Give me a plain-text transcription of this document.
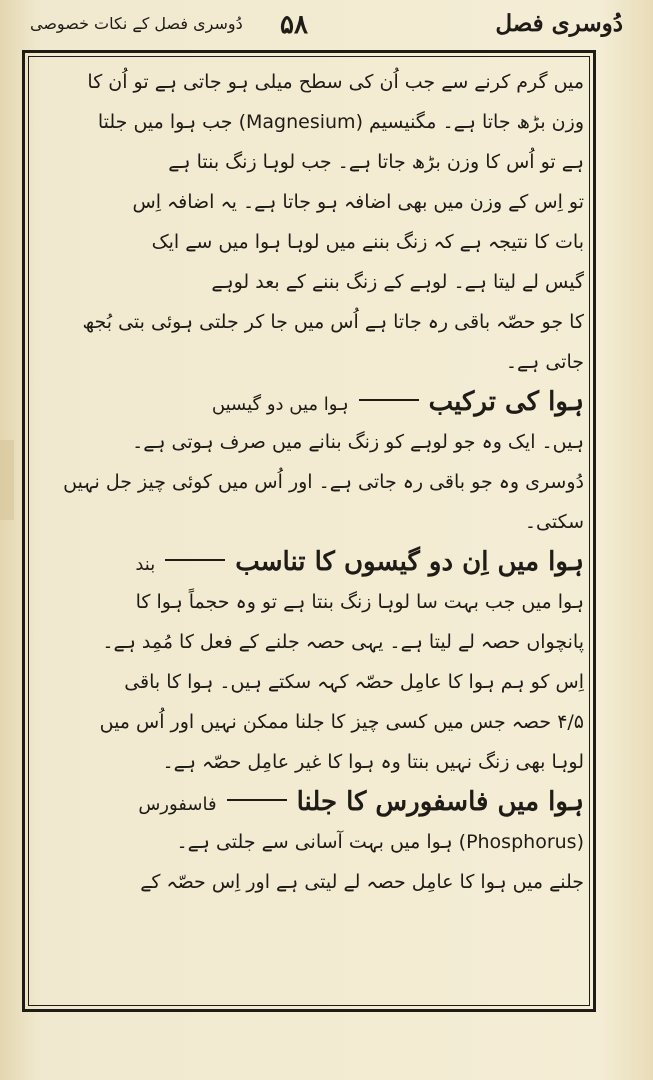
دُوسری فصل
۵۸
دُوسری فصل کے نکات خصوصی
میں گرم کرنے سے جب اُن کی سطح میلی ہو جاتی ہے تو اُن کا
وزن بڑھ جاتا ہے۔ مگنیسیم (Magnesium) جب ہوا میں جلتا
ہے تو اُس کا وزن بڑھ جاتا ہے۔ جب لوہا زنگ بنتا ہے
تو اِس کے وزن میں بھی اضافہ ہو جاتا ہے۔ یہ اضافہ اِس
بات کا نتیجہ ہے کہ زنگ بننے میں لوہا ہوا میں سے ایک
گیس لے لیتا ہے۔ لوہے کے زنگ بننے کے بعد لوہے
کا جو حصّہ باقی رہ جاتا ہے اُس میں جا کر جلتی ہوئی بتی بُجھ
جاتی ہے۔
ہوا کی ترکیبہوا میں دو گیسیں
ہیں۔ ایک وہ جو لوہے کو زنگ بنانے میں صرف ہوتی ہے۔
دُوسری وہ جو باقی رہ جاتی ہے۔ اور اُس میں کوئی چیز جل نہیں
سکتی۔
ہوا میں اِن دو گیسوں کا تناسببند
ہوا میں جب بہت سا لوہا زنگ بنتا ہے تو وہ حجماً ہوا کا
پانچواں حصہ لے لیتا ہے۔ یہی حصہ جلنے کے فعل کا مُمِد ہے۔
اِس کو ہم ہوا کا عامِل حصّہ کہہ سکتے ہیں۔ ہوا کا باقی
۴/۵ حصہ جس میں کسی چیز کا جلنا ممکن نہیں اور اُس میں
لوہا بھی زنگ نہیں بنتا وہ ہوا کا غیر عامِل حصّہ ہے۔
ہوا میں فاسفورس کا جلنافاسفورس
(Phosphorus) ہوا میں بہت آسانی سے جلتی ہے۔
جلنے میں ہوا کا عامِل حصہ لے لیتی ہے اور اِس حصّہ کے
